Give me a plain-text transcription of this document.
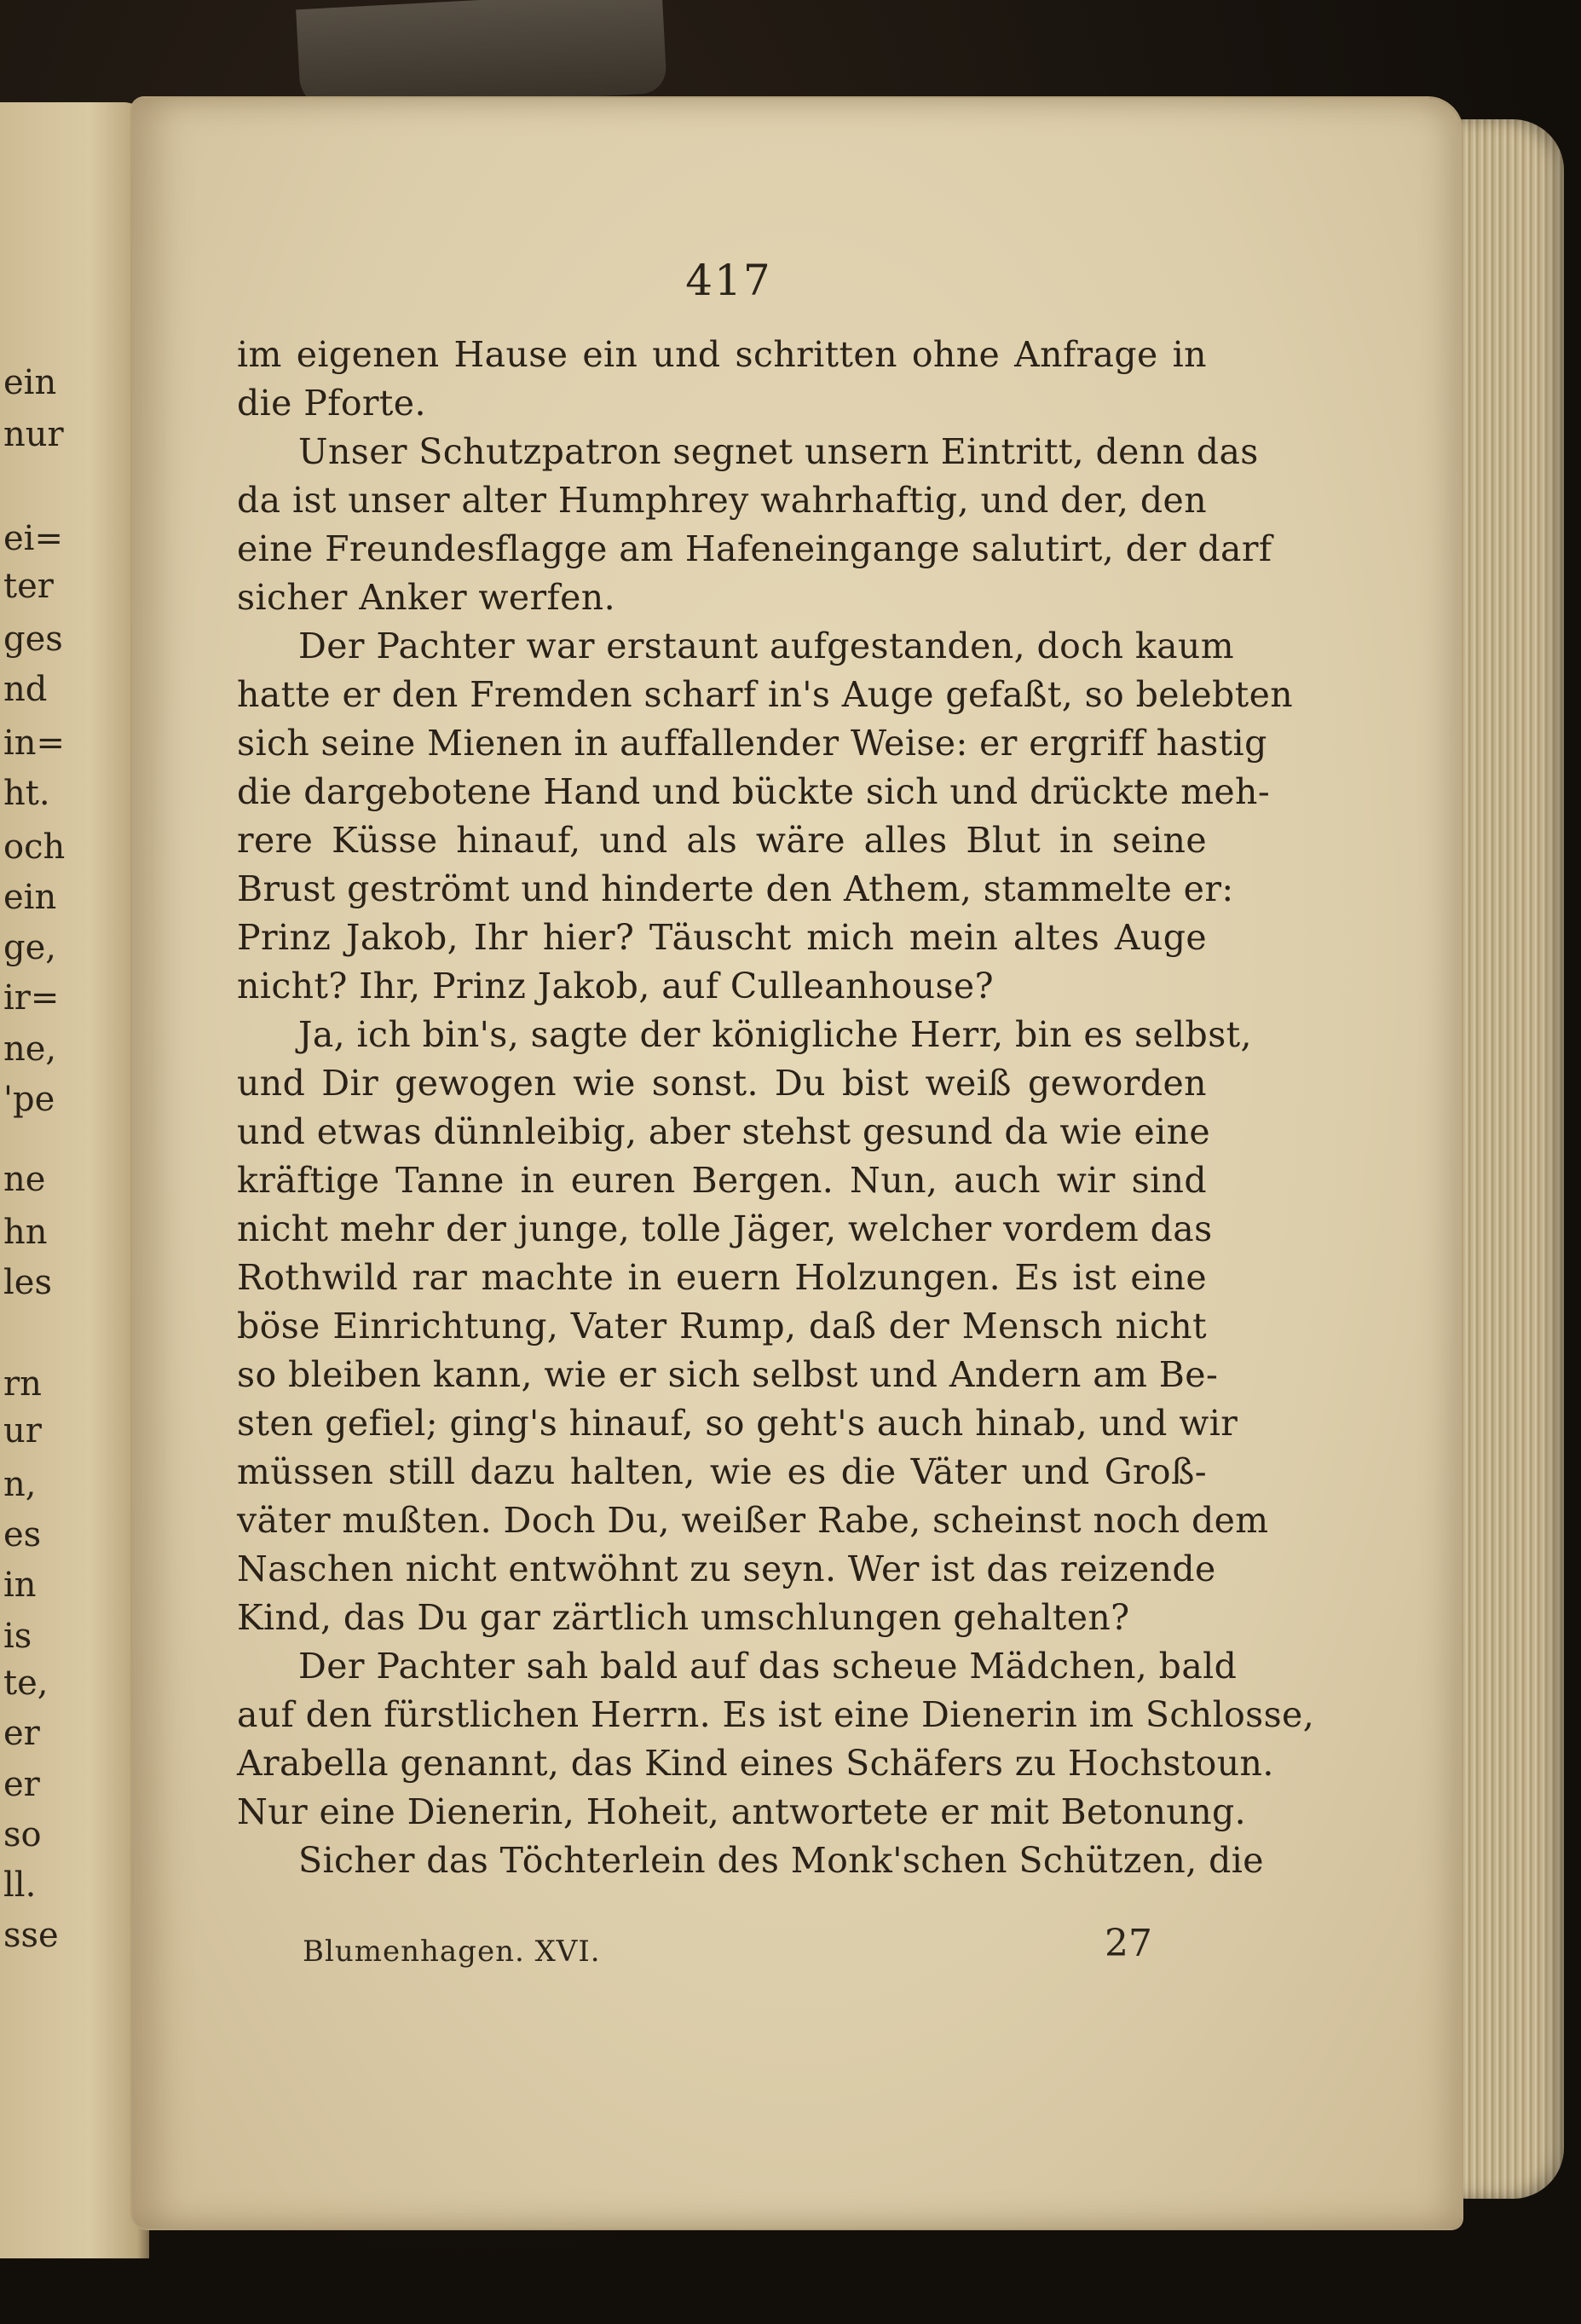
ein
nur
ei=
ter
ges
nd
in=
ht.
och
ein
ge,
ir=
ne,
'pe
ne
hn
les
rn
ur
n,
es
in
is
te,
er
er
so
ll.
sse
417
im eigenen Hause ein und schritten ohne Anfrage in
die Pforte.
Unser Schutzpatron segnet unsern Eintritt, denn das
da ist unser alter Humphrey wahrhaftig, und der, den
eine Freundesflagge am Hafeneingange salutirt, der darf
sicher Anker werfen.
Der Pachter war erstaunt aufgestanden, doch kaum
hatte er den Fremden scharf in's Auge gefaßt, so belebten
sich seine Mienen in auffallender Weise: er ergriff hastig
die dargebotene Hand und bückte sich und drückte meh-
rere Küsse hinauf, und als wäre alles Blut in seine
Brust geströmt und hinderte den Athem, stammelte er:
Prinz Jakob, Ihr hier? Täuscht mich mein altes Auge
nicht? Ihr, Prinz Jakob, auf Culleanhouse?
Ja, ich bin's, sagte der königliche Herr, bin es selbst,
und Dir gewogen wie sonst. Du bist weiß geworden
und etwas dünnleibig, aber stehst gesund da wie eine
kräftige Tanne in euren Bergen. Nun, auch wir sind
nicht mehr der junge, tolle Jäger, welcher vordem das
Rothwild rar machte in euern Holzungen. Es ist eine
böse Einrichtung, Vater Rump, daß der Mensch nicht
so bleiben kann, wie er sich selbst und Andern am Be-
sten gefiel; ging's hinauf, so geht's auch hinab, und wir
müssen still dazu halten, wie es die Väter und Groß-
väter mußten. Doch Du, weißer Rabe, scheinst noch dem
Naschen nicht entwöhnt zu seyn. Wer ist das reizende
Kind, das Du gar zärtlich umschlungen gehalten?
Der Pachter sah bald auf das scheue Mädchen, bald
auf den fürstlichen Herrn. Es ist eine Dienerin im Schlosse,
Arabella genannt, das Kind eines Schäfers zu Hochstoun.
Nur eine Dienerin, Hoheit, antwortete er mit Betonung.
Sicher das Töchterlein des Monk'schen Schützen, die
Blumenhagen. XVI.	27
